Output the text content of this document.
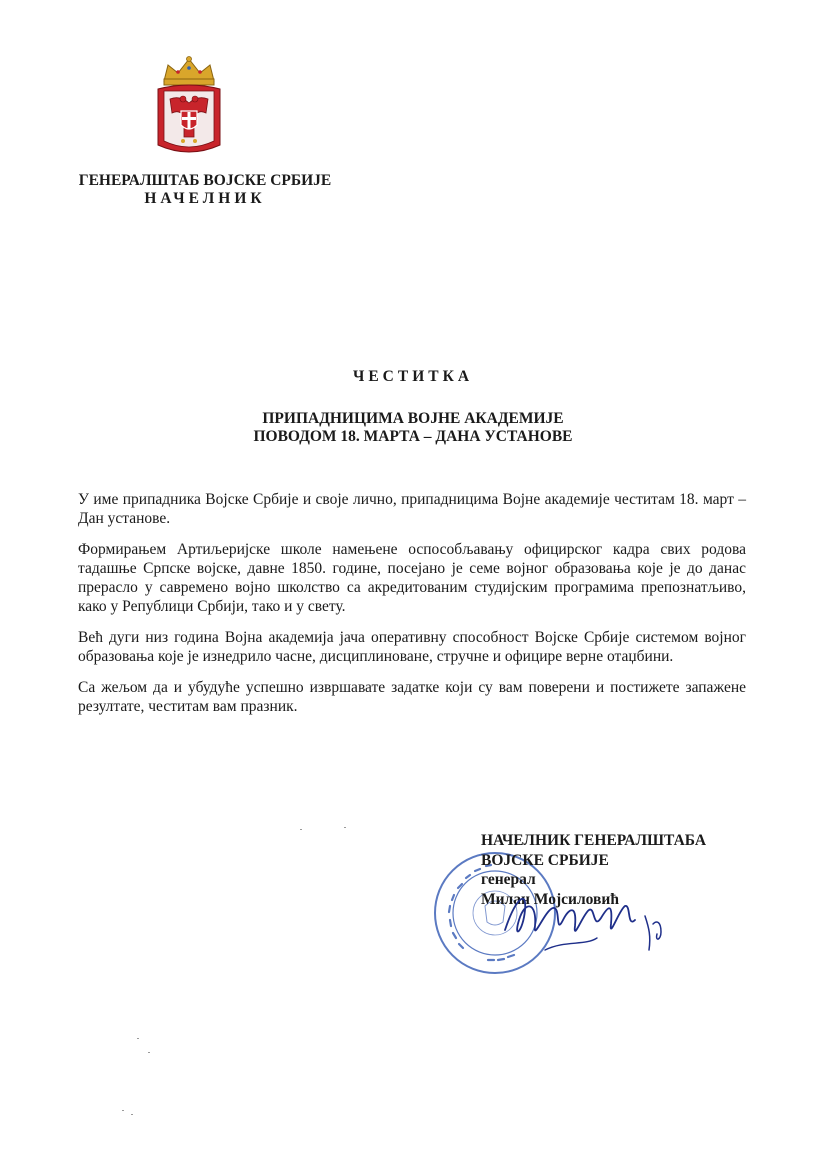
ГЕНЕРАЛШТАБ ВОЈСКЕ СРБИЈЕ
НАЧЕЛНИК
ЧЕСТИТКА
ПРИПАДНИЦИМА ВОЈНЕ АКАДЕМИЈЕ
ПОВОДОМ 18. МАРТА – ДАНА УСТАНОВЕ

У име припадника Војске Србије и своје лично, припадницима Војне академије честитам 18. март – Дан установе.

Формирањем Артиљеријске школе намењене оспособљавању официрског кадра свих родова тадашње Српске војске, давне 1850. године, посејано је семе војног образовања које је до данас прерасло у савремено војно школство са акредитованим студијским програмима препознатљиво, како у Републици Србији, тако и у свету.

Већ дуги низ година Војна академија јача оперативну способност Војске Србије системом војног образовања које је изнедрило часне, дисциплиноване, стручне и официре верне отаџбини.

Са жељом да и убудуће успешно извршавате задатке који су вам поверени и постижете запажене резултате, честитам вам празник.

НАЧЕЛНИК ГЕНЕРАЛШТАБА
ВОЈСКЕ СРБИЈЕ
генерал
Милан Мојсиловић
